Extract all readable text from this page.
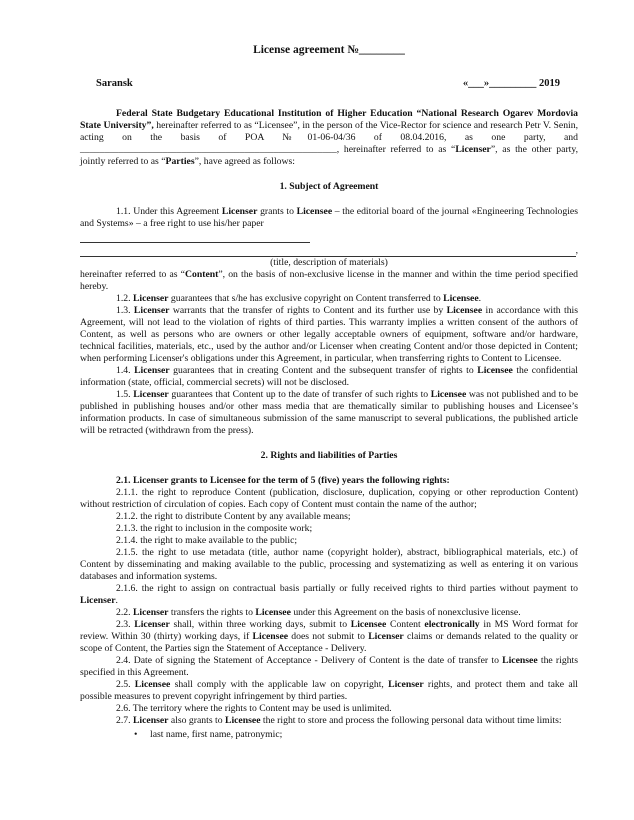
License agreement №________
Saransk	«___»_________ 2019

Federal State Budgetary Educational Institution of Higher Education “National Research Ogarev Mordovia State University”, hereinafter referred to as “Licensee”, in the person of the Vice-Rector for science and research Petr V. Senin, acting on the basis of POA №01-06-04/36 of 08.04.2016, as one party, and _____________________________________________________, hereinafter referred to as “Licenser”, as the other party, jointly referred to as “Parties”, have agreed as follows:

1. Subject of Agreement

1.1. Under this Agreement Licenser grants to Licensee – the editorial board of the journal «Engineering Technologies and Systems» – a free right to use his/her paper

,
(title, description of materials)

hereinafter referred to as “Content”, on the basis of non-exclusive license in the manner and within the time period specified hereby.

1.2. Licenser guarantees that s/he has exclusive copyright on Content transferred to Licensee.

1.3. Licenser warrants that the transfer of rights to Content and its further use by Licensee in accordance with this Agreement, will not lead to the violation of rights of third parties. This warranty implies a written consent of the authors of Content, as well as persons who are owners or other legally acceptable owners of equipment, software and/or hardware, technical facilities, materials, etc., used by the author and/or Licenser when creating Content and/or those depicted in Content; when performing Licenser's obligations under this Agreement, in particular, when transferring rights to Content to Licensee.

1.4. Licenser guarantees that in creating Content and the subsequent transfer of rights to Licensee the confidential information (state, official, commercial secrets) will not be disclosed.

1.5. Licenser guarantees that Content up to the date of transfer of such rights to Licensee was not published and to be published in publishing houses and/or other mass media that are thematically similar to publishing houses and Licensee’s information products. In case of simultaneous submission of the same manuscript to several publications, the published article will be retracted (withdrawn from the press).

2. Rights and liabilities of Parties

2.1. Licenser grants to Licensee for the term of 5 (five) years the following rights:

2.1.1. the right to reproduce Content (publication, disclosure, duplication, copying or other reproduction Content) without restriction of circulation of copies. Each copy of Content must contain the name of the author;

2.1.2. the right to distribute Content by any available means;

2.1.3. the right to inclusion in the composite work;

2.1.4. the right to make available to the public;

2.1.5. the right to use metadata (title, author name (copyright holder), abstract, bibliographical materials, etc.) of Content by disseminating and making available to the public, processing and systematizing as well as entering it on various databases and information systems.

2.1.6. the right to assign on contractual basis partially or fully received rights to third parties without payment to Licenser.

2.2. Licenser transfers the rights to Licensee under this Agreement on the basis of nonexclusive license.

2.3. Licenser shall, within three working days, submit to Licensee Content electronically in MS Word format for review. Within 30 (thirty) working days, if Licensee does not submit to Licenser claims or demands related to the quality or scope of Content, the Parties sign the Statement of Acceptance - Delivery.

2.4. Date of signing the Statement of Acceptance - Delivery of Content is the date of transfer to Licensee the rights specified in this Agreement.

2.5. Licensee shall comply with the applicable law on copyright, Licenser rights, and protect them and take all possible measures to prevent copyright infringement by third parties.

2.6. The territory where the rights to Content may be used is unlimited.

2.7. Licenser also grants to Licensee the right to store and process the following personal data without time limits:

•	last name, first name, patronymic;
